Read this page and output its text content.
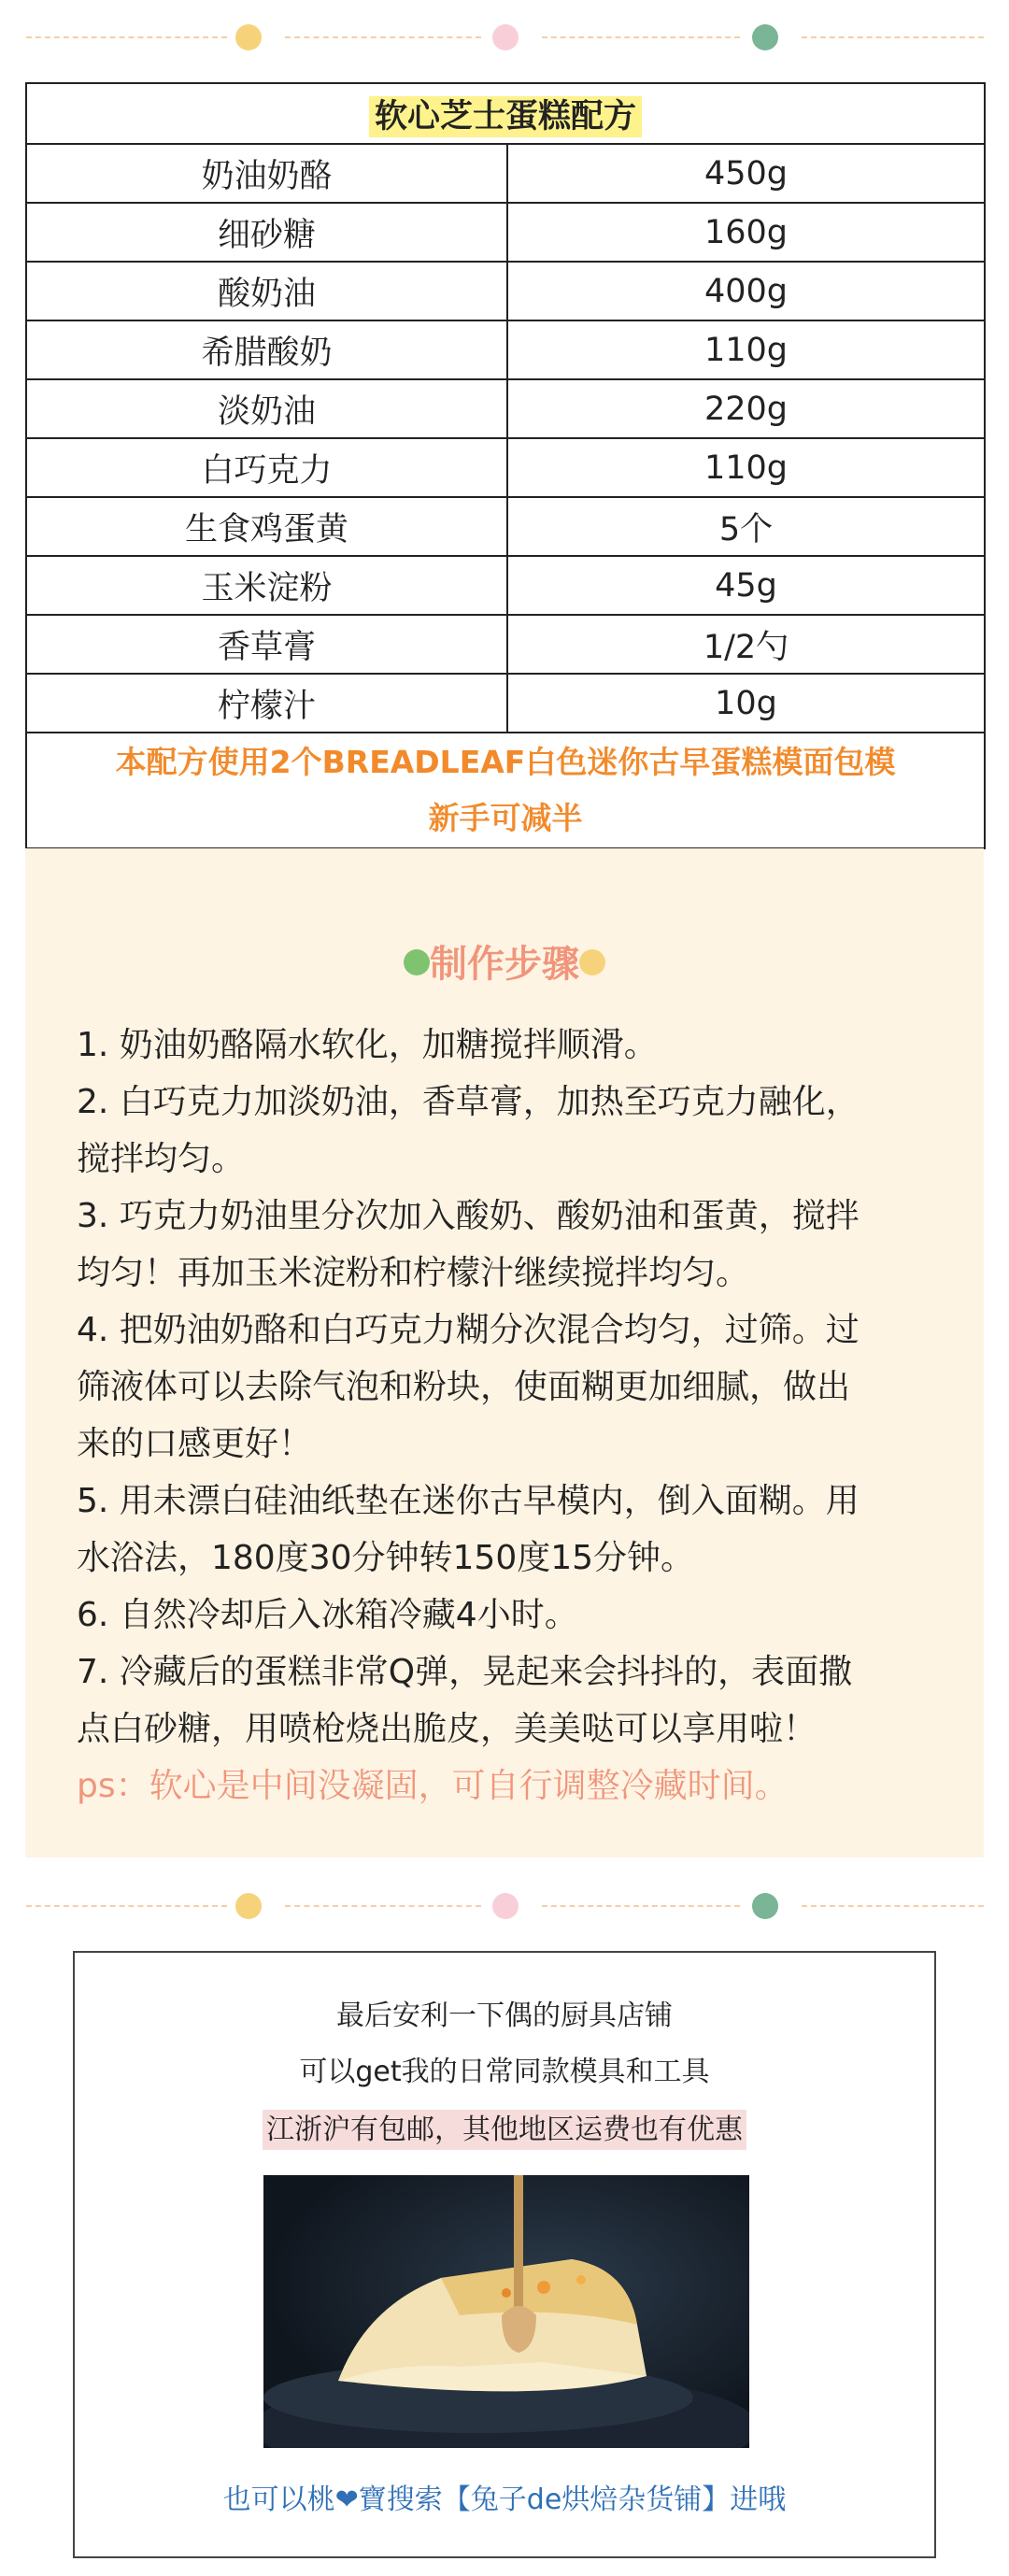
软心芝士蛋糕配方	
奶油奶酪	450g
细砂糖	160g
酸奶油	400g
希腊酸奶	110g
淡奶油	220g
白巧克力	110g
生食鸡蛋黄	5个
玉米淀粉	45g
香草膏	1/2勺
柠檬汁	10g

本配方使用2个BREADLEAF白色迷你古早蛋糕模面包模
新手可减半	
制作步骤
1. 奶油奶酪隔水软化，加糖搅拌顺滑。
2. 白巧克力加淡奶油，香草膏，加热至巧克力融化，
搅拌均匀。
3. 巧克力奶油里分次加入酸奶、酸奶油和蛋黄，搅拌
均匀！再加玉米淀粉和柠檬汁继续搅拌均匀。
4. 把奶油奶酪和白巧克力糊分次混合均匀，过筛。过
筛液体可以去除气泡和粉块，使面糊更加细腻，做出
来的口感更好！
5. 用未漂白硅油纸垫在迷你古早模内，倒入面糊。用
水浴法，180度30分钟转150度15分钟。
6. 自然冷却后入冰箱冷藏4小时。
7. 冷藏后的蛋糕非常Q弹，晃起来会抖抖的，表面撒
点白砂糖，用喷枪烧出脆皮，美美哒可以享用啦！
ps：软心是中间没凝固，可自行调整冷藏时间。
最后安利一下偶的厨具店铺
可以get我的日常同款模具和工具
江浙沪有包邮，其他地区运费也有优惠
也可以桃❤寶搜索【兔子de烘焙杂货铺】进哦
